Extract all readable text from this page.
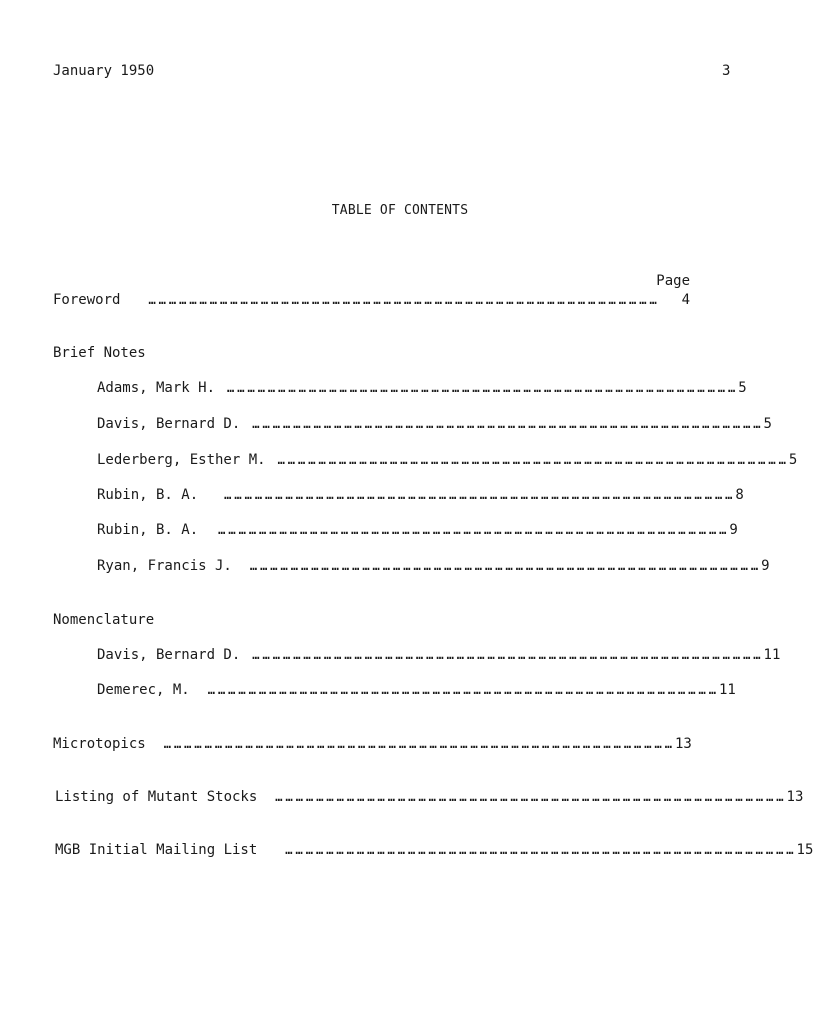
January 1950	3
TABLE OF CONTENTS
Page
Foreword	……………………………………………………………………………………………………………………………………	4
Brief Notes
Adams, Mark H.	…………………………………………………………………………………………………………………………………… 5
Davis, Bernard D.	…………………………………………………………………………………………………………………………………… 5
Lederberg, Esther M.	…………………………………………………………………………………………………………………………………… 5
Rubin, B. A.	…………………………………………………………………………………………………………………………………… 8
Rubin, B. A.	…………………………………………………………………………………………………………………………………… 9
Ryan, Francis J.	…………………………………………………………………………………………………………………………………… 9
Nomenclature
Davis, Bernard D.	…………………………………………………………………………………………………………………………………… 11
Demerec, M.	…………………………………………………………………………………………………………………………………… 11
Microtopics	…………………………………………………………………………………………………………………………………… 13
Listing of Mutant Stocks	…………………………………………………………………………………………………………………………………… 13
MGB Initial Mailing List	…………………………………………………………………………………………………………………………………… 15
